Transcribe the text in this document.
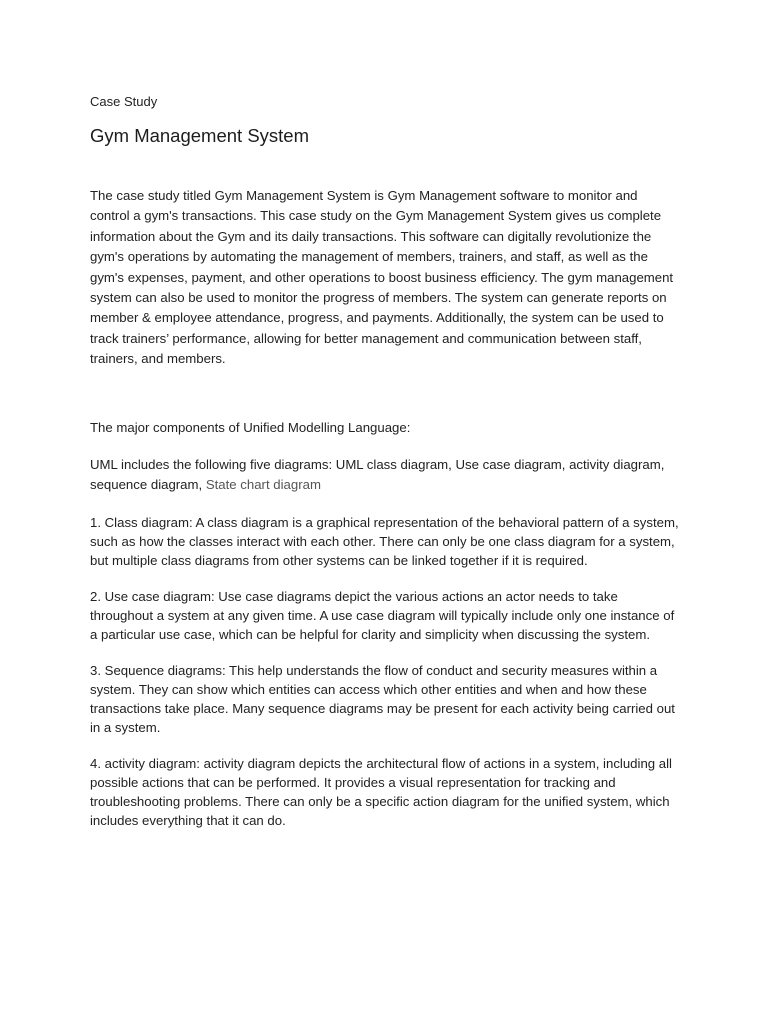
Case Study
Gym Management System

The case study titled Gym Management System is Gym Management software to monitor and control a gym's transactions. This case study on the Gym Management System gives us complete information about the Gym and its daily transactions. This software can digitally revolutionize the gym's operations by automating the management of members, trainers, and staff, as well as the gym's expenses, payment, and other operations to boost business efficiency. The gym management system can also be used to monitor the progress of members. The system can generate reports on member & employee attendance, progress, and payments. Additionally, the system can be used to track trainers’ performance, allowing for better management and communication between staff, trainers, and members.

The major components of Unified Modelling Language:

UML includes the following five diagrams: UML class diagram, Use case diagram, activity diagram, sequence diagram, State chart diagram

1. Class diagram: A class diagram is a graphical representation of the behavioral pattern of a system, such as how the classes interact with each other. There can only be one class diagram for a system, but multiple class diagrams from other systems can be linked together if it is required.

2. Use case diagram: Use case diagrams depict the various actions an actor needs to take throughout a system at any given time. A use case diagram will typically include only one instance of a particular use case, which can be helpful for clarity and simplicity when discussing the system.

3. Sequence diagrams: This help understands the flow of conduct and security measures within a system. They can show which entities can access which other entities and when and how these transactions take place. Many sequence diagrams may be present for each activity being carried out in a system.

4. activity diagram: activity diagram depicts the architectural flow of actions in a system, including all possible actions that can be performed. It provides a visual representation for tracking and troubleshooting problems. There can only be a specific action diagram for the unified system, which includes everything that it can do.
